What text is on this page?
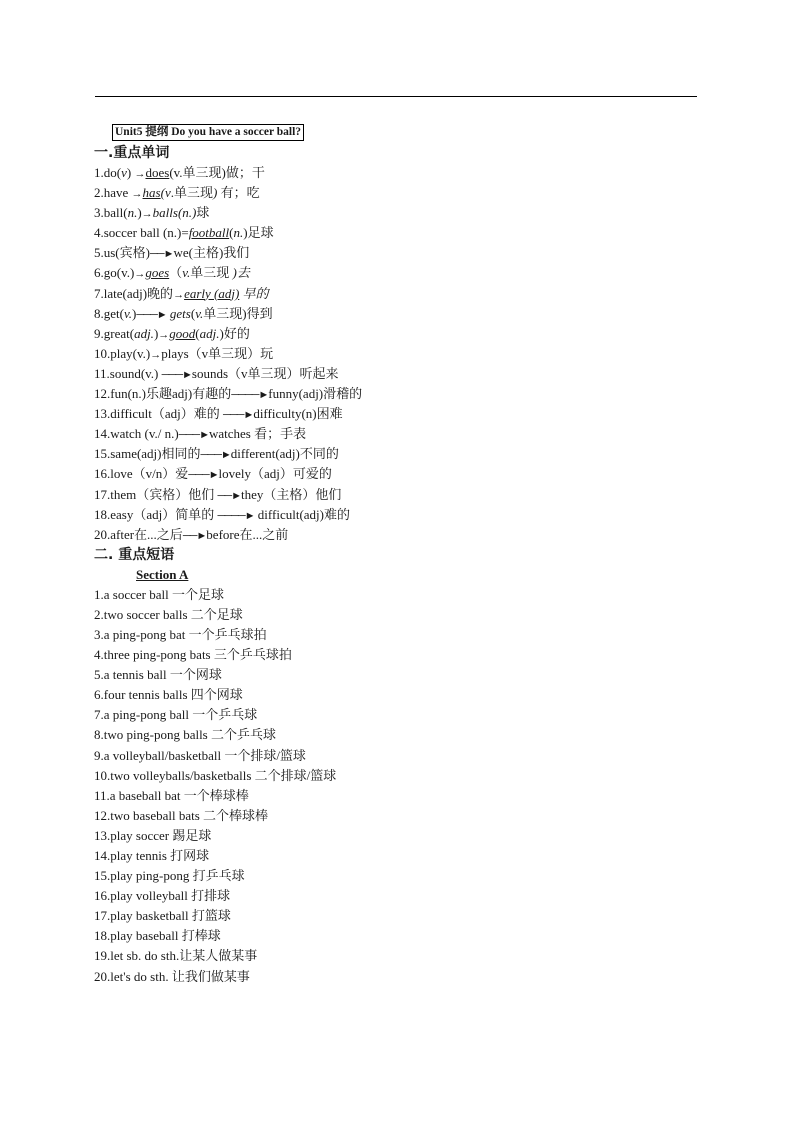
Unit5 提纲 Do you have a soccer ball?
一.重点单词
1.do(v) →does(v.单三现)做；干
2.have →has(v.单三现) 有；吃
3.ball(n.)→balls(n.)球
4.soccer ball (n.)=football(n.)足球
5.us(宾格)──►we(主格)我们
6.go(v.)→goes（v.单三现 )去
7.late(adj)晚的→early (adj) 早的
8.get(v.)───► gets(v.单三现)得到
9.great(adj.)→good(adj.)好的
10.play(v.)→plays（v单三现）玩
11.sound(v.) ───►sounds（v单三现）听起来
12.fun(n.)乐趣adj)有趣的────►funny(adj)滑稽的
13.difficult（adj）难的 ───►difficulty(n)困难
14.watch (v./ n.)───►watches 看；手表
15.same(adj)相同的───►different(adj)不同的
16.love（v/n）爱───►lovely（adj）可爱的
17.them（宾格）他们 ──►they（主格）他们
18.easy（adj）简单的 ────► difficult(adj)难的
20.after在...之后──►before在...之前
二. 重点短语
Section A
1.a soccer ball 一个足球
2.two soccer balls 二个足球
3.a ping-pong bat 一个乒乓球拍
4.three ping-pong bats 三个乒乓球拍
5.a tennis ball 一个网球
6.four tennis balls 四个网球
7.a ping-pong ball 一个乒乓球
8.two ping-pong balls 二个乒乓球
9.a volleyball/basketball 一个排球/篮球
10.two volleyballs/basketballs 二个排球/篮球
11.a baseball bat 一个棒球棒
12.two baseball bats 二个棒球棒
13.play soccer 踢足球
14.play tennis 打网球
15.play ping-pong 打乒乓球
16.play volleyball 打排球
17.play basketball 打篮球
18.play baseball 打棒球
19.let sb. do sth.让某人做某事
20.let's do sth. 让我们做某事
